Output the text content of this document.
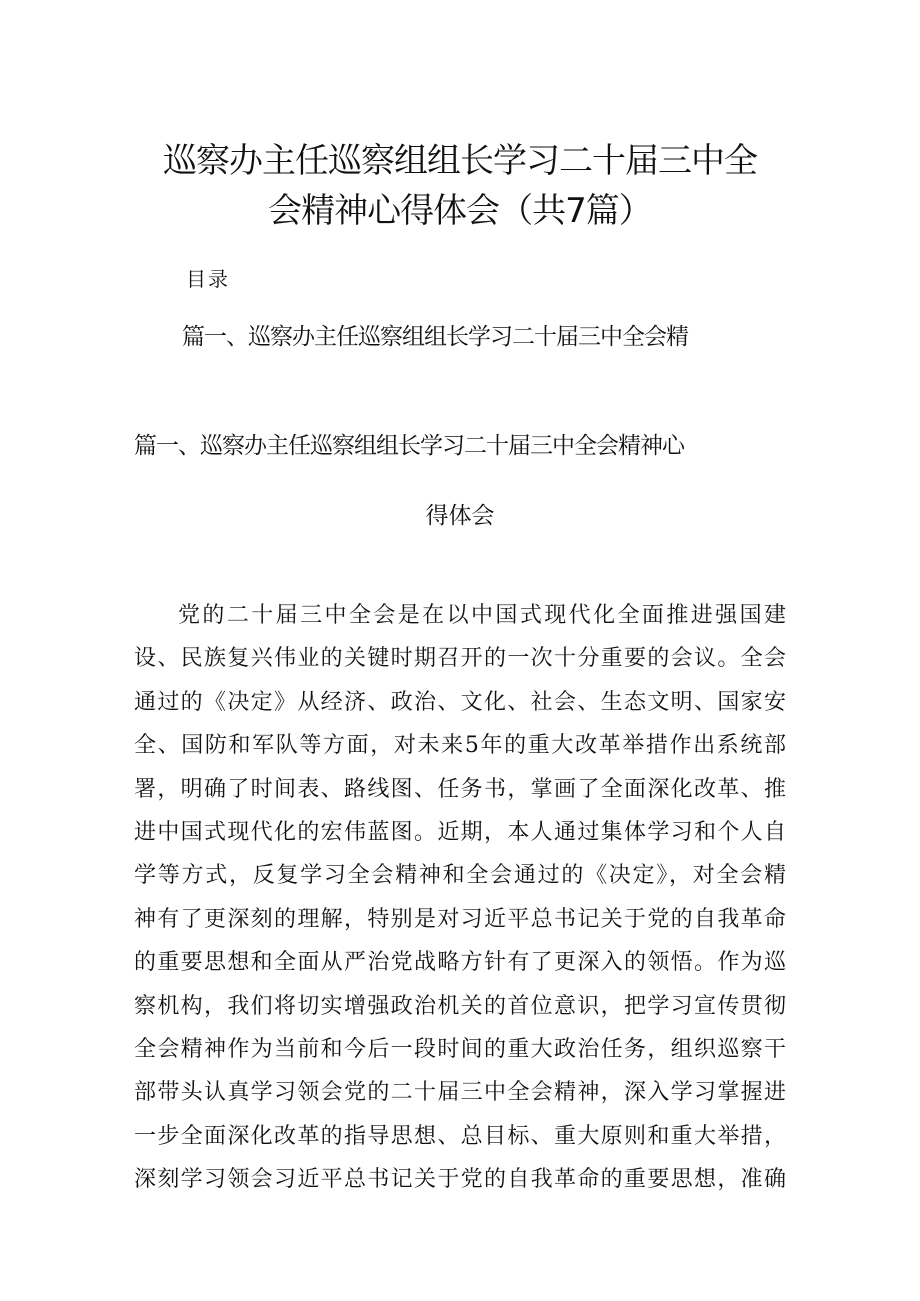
巡察办主任巡察组组长学习二十届三中全
会精神心得体会（共7篇）
目录
篇一、巡察办主任巡察组组长学习二十届三中全会精
篇一、巡察办主任巡察组组长学习二十届三中全会精神心
得体会
党的二十届三中全会是在以中国式现代化全面推进强国建
设、民族复兴伟业的关键时期召开的一次十分重要的会议。全会
通过的《决定》从经济、政治、文化、社会、生态文明、国家安
全、国防和军队等方面，对未来5年的重大改革举措作出系统部
署，明确了时间表、路线图、任务书，掌画了全面深化改革、推
进中国式现代化的宏伟蓝图。近期，本人通过集体学习和个人自
学等方式，反复学习全会精神和全会通过的《决定》，对全会精
神有了更深刻的理解，特别是对习近平总书记关于党的自我革命
的重要思想和全面从严治党战略方针有了更深入的领悟。作为巡
察机构，我们将切实增强政治机关的首位意识，把学习宣传贯彻
全会精神作为当前和今后一段时间的重大政治任务，组织巡察干
部带头认真学习领会党的二十届三中全会精神，深入学习掌握进
一步全面深化改革的指导思想、总目标、重大原则和重大举措，
深刻学习领会习近平总书记关于党的自我革命的重要思想，准确
